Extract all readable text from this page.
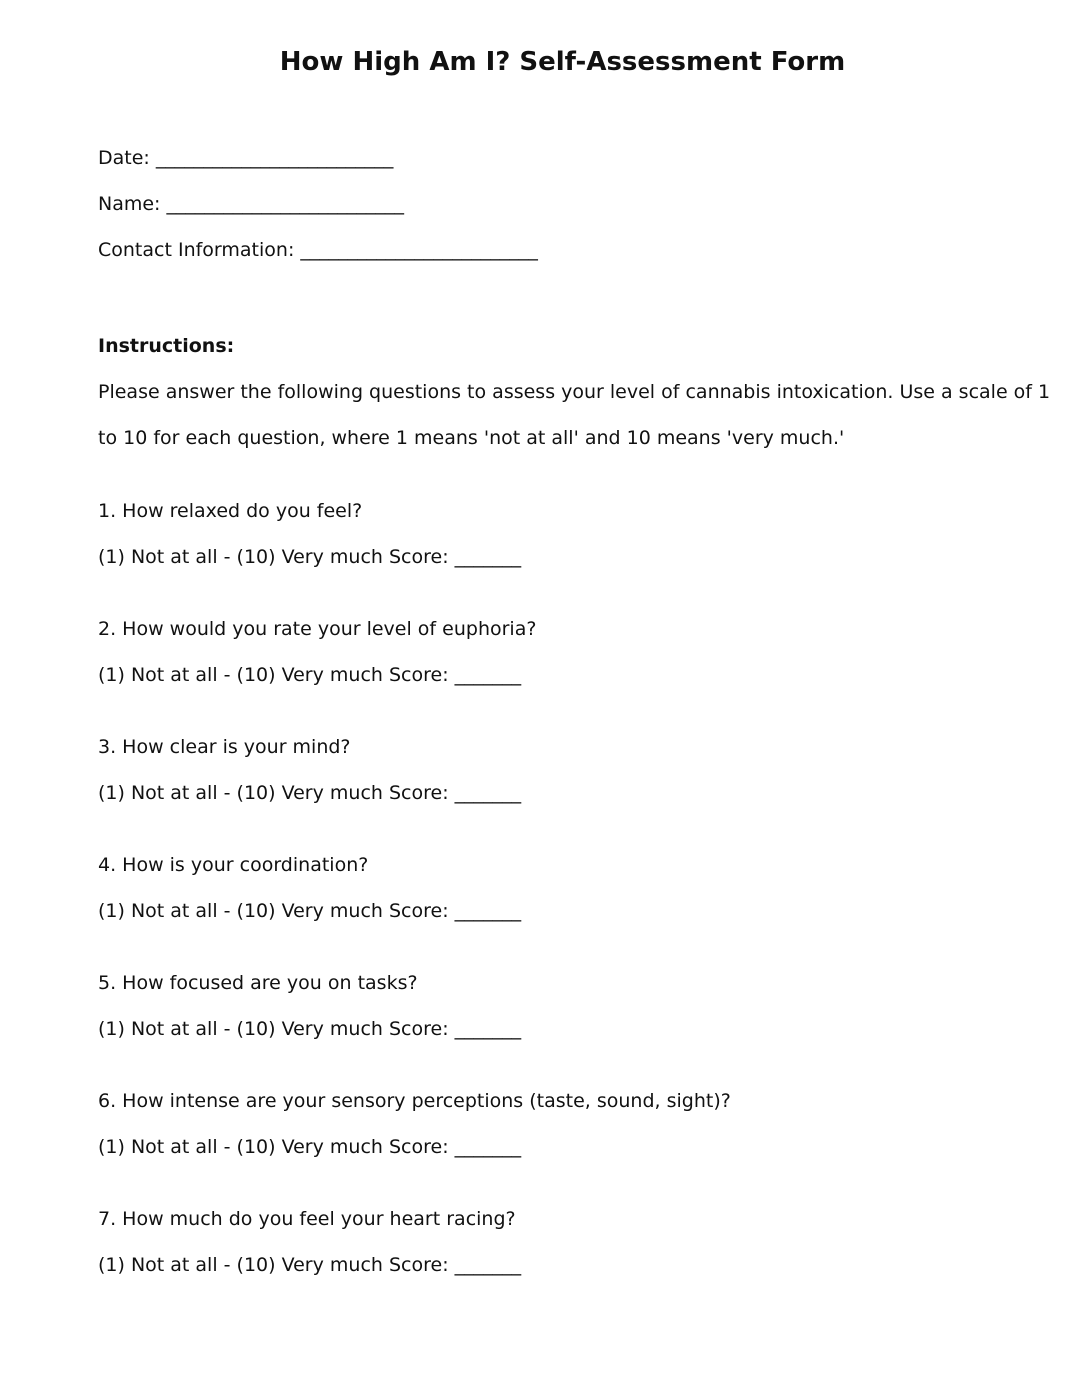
How High Am I? Self-Assessment Form
Date: _________________________
Name: _________________________
Contact Information: _________________________
Instructions:
Please answer the following questions to assess your level of cannabis intoxication. Use a scale of 1
to 10 for each question, where 1 means 'not at all' and 10 means 'very much.'
1. How relaxed do you feel?
(1) Not at all - (10) Very much Score: _______
2. How would you rate your level of euphoria?
(1) Not at all - (10) Very much Score: _______
3. How clear is your mind?
(1) Not at all - (10) Very much Score: _______
4. How is your coordination?
(1) Not at all - (10) Very much Score: _______
5. How focused are you on tasks?
(1) Not at all - (10) Very much Score: _______
6. How intense are your sensory perceptions (taste, sound, sight)?
(1) Not at all - (10) Very much Score: _______
7. How much do you feel your heart racing?
(1) Not at all - (10) Very much Score: _______
